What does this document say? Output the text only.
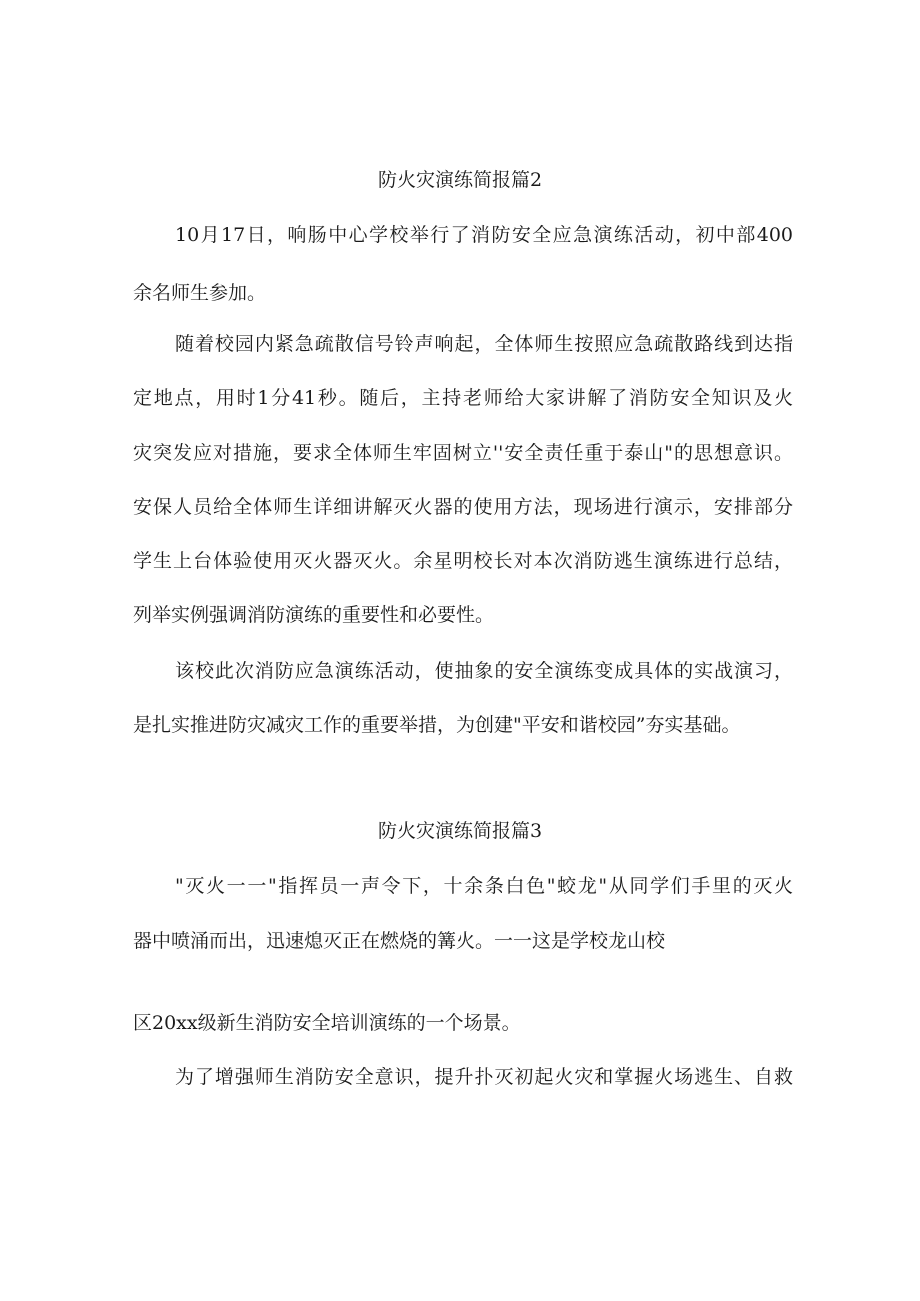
防火灾演练简报篇2
10月17日，响肠中心学校举行了消防安全应急演练活动，初中部400
余名师生参加。
随着校园内紧急疏散信号铃声响起，全体师生按照应急疏散路线到达指
定地点，用时1分41秒。随后，主持老师给大家讲解了消防安全知识及火
灾突发应对措施，要求全体师生牢固树立''安全责任重于泰山"的思想意识。
安保人员给全体师生详细讲解灭火器的使用方法，现场进行演示，安排部分
学生上台体验使用灭火器灭火。余星明校长对本次消防逃生演练进行总结，
列举实例强调消防演练的重要性和必要性。
该校此次消防应急演练活动，使抽象的安全演练变成具体的实战演习，
是扎实推进防灾减灾工作的重要举措，为创建"平安和谐校园”夯实基础。
防火灾演练简报篇3
"灭火一一"指挥员一声令下，十余条白色"蛟龙"从同学们手里的灭火
器中喷涌而出，迅速熄灭正在燃烧的篝火。一一这是学校龙山校
区20xx级新生消防安全培训演练的一个场景。
为了增强师生消防安全意识，提升扑灭初起火灾和掌握火场逃生、自救
